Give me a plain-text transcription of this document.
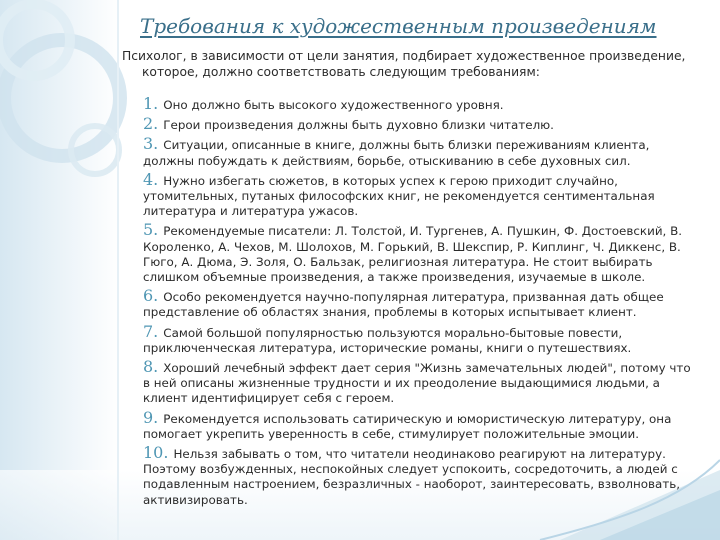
Требования к художественным произведениям
Психолог, в зависимости от цели занятия, подбирает художественное произведение, которое, должно соответствовать следующим требованиям:
1. Оно должно быть высокого художественного уровня.
2. Герои произведения должны быть духовно близки читателю.
3. Ситуации, описанные в книге, должны быть близки переживаниям клиента, должны побуждать к действиям, борьбе, отыскиванию в себе духовных сил.
4. Нужно избегать сюжетов, в которых успех к герою приходит случайно, утомительных, путаных философских книг, не рекомендуется сентиментальная литература и литература ужасов.
5. Рекомендуемые писатели: Л. Толстой, И. Тургенев, А. Пушкин, Ф. Достоевский, В. Короленко, А. Чехов, М. Шолохов, М. Горький, В. Шекспир, Р. Киплинг, Ч. Диккенс, В. Гюго, А. Дюма, Э. Золя, О. Бальзак, религиозная литература. Не стоит выбирать слишком объемные произведения, а также произведения, изучаемые в школе.
6. Особо рекомендуется научно-популярная литература, призванная дать общее представление об областях знания, проблемы в которых испытывает клиент.
7. Самой большой популярностью пользуются морально-бытовые повести, приключенческая литература, исторические романы, книги о путешествиях.
8. Хороший лечебный эффект дает серия "Жизнь замечательных людей", потому что в ней описаны жизненные трудности и их преодоление выдающимися людьми, а клиент идентифицирует себя с героем.
9. Рекомендуется использовать сатирическую и юмористическую литературу, она помогает укрепить уверенность в себе, стимулирует положительные эмоции.
10. Нельзя забывать о том, что читатели неодинаково реагируют на литературу. Поэтому возбужденных, неспокойных следует успокоить, сосредоточить, а людей с подавленным настроением, безразличных - наоборот, заинтересовать, взволновать, активизировать.
